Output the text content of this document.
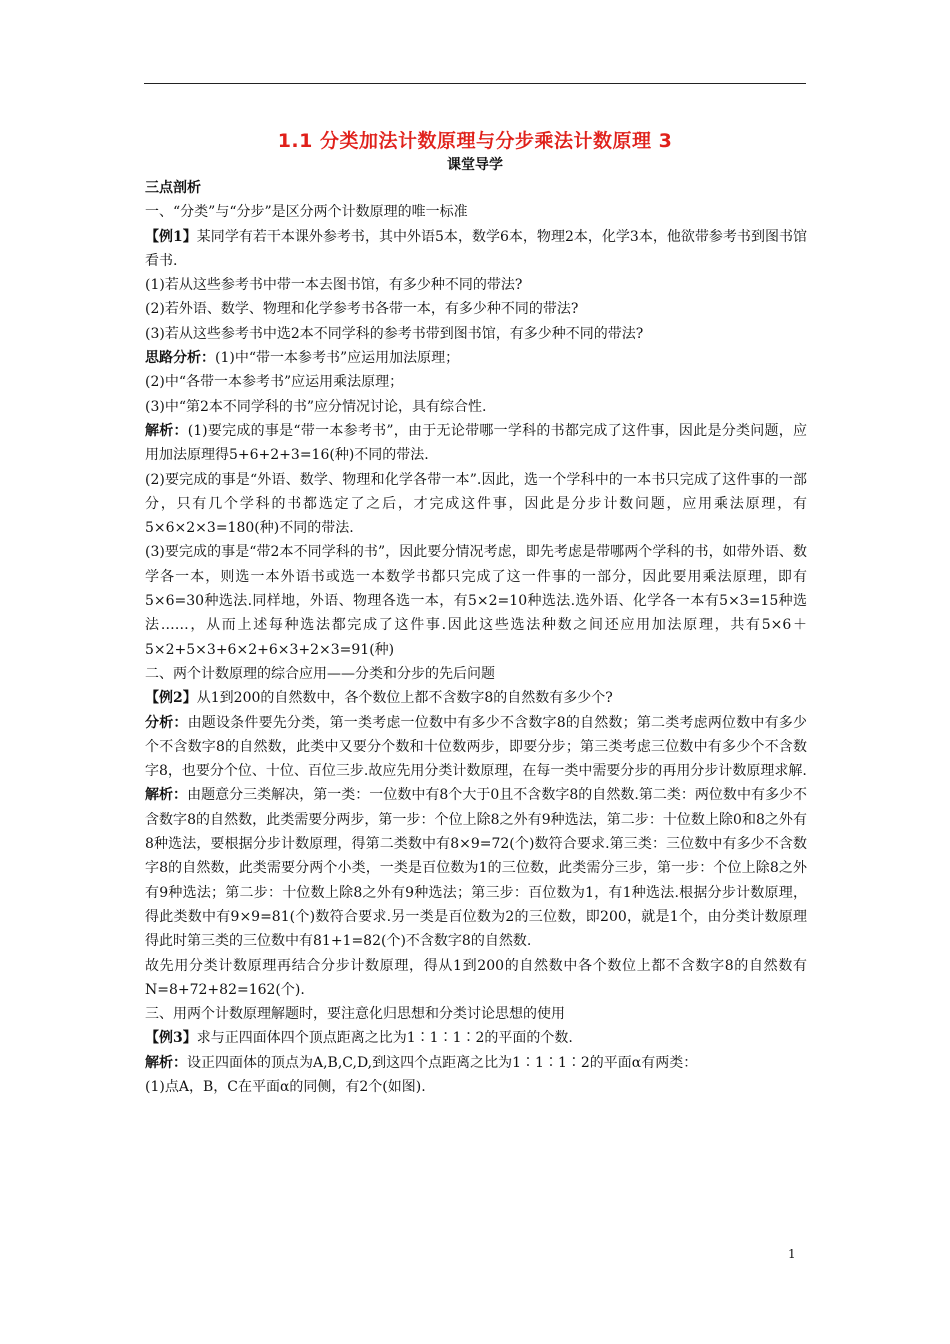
1.1 分类加法计数原理与分步乘法计数原理 3
课堂导学

三点剖析

一、“分类”与“分步”是区分两个计数原理的唯一标准

【例1】某同学有若干本课外参考书，其中外语5本，数学6本，物理2本，化学3本，他欲带参考书到图书馆看书.

(1)若从这些参考书中带一本去图书馆，有多少种不同的带法?

(2)若外语、数学、物理和化学参考书各带一本，有多少种不同的带法?

(3)若从这些参考书中选2本不同学科的参考书带到图书馆，有多少种不同的带法?

思路分析：(1)中“带一本参考书”应运用加法原理；

(2)中“各带一本参考书”应运用乘法原理；

(3)中“第2本不同学科的书”应分情况讨论，具有综合性.

解析：(1)要完成的事是“带一本参考书”，由于无论带哪一学科的书都完成了这件事，因此是分类问题，应用加法原理得5+6+2+3=16(种)不同的带法.

(2)要完成的事是“外语、数学、物理和化学各带一本”.因此，选一个学科中的一本书只完成了这件事的一部分，只有几个学科的书都选定了之后，才完成这件事，因此是分步计数问题，应用乘法原理，有5×6×2×3=180(种)不同的带法.

(3)要完成的事是“带2本不同学科的书”，因此要分情况考虑，即先考虑是带哪两个学科的书，如带外语、数学各一本，则选一本外语书或选一本数学书都只完成了这一件事的一部分，因此要用乘法原理，即有5×6=30种选法.同样地，外语、物理各选一本，有5×2=10种选法.选外语、化学各一本有5×3=15种选法……，从而上述每种选法都完成了这件事.因此这些选法种数之间还应用加法原理，共有5×6＋5×2+5×3+6×2+6×3+2×3=91(种)

二、两个计数原理的综合应用——分类和分步的先后问题

【例2】从1到200的自然数中，各个数位上都不含数字8的自然数有多少个?

分析：由题设条件要先分类，第一类考虑一位数中有多少不含数字8的自然数；第二类考虑两位数中有多少个不含数字8的自然数，此类中又要分个数和十位数两步，即要分步；第三类考虑三位数中有多少个不含数字8，也要分个位、十位、百位三步.故应先用分类计数原理，在每一类中需要分步的再用分步计数原理求解.

解析：由题意分三类解决，第一类：一位数中有8个大于0且不含数字8的自然数.第二类：两位数中有多少不含数字8的自然数，此类需要分两步，第一步：个位上除8之外有9种选法，第二步：十位数上除0和8之外有8种选法，要根据分步计数原理，得第二类数中有8×9=72(个)数符合要求.第三类：三位数中有多少不含数字8的自然数，此类需要分两个小类，一类是百位数为1的三位数，此类需分三步，第一步：个位上除8之外有9种选法；第二步：十位数上除8之外有9种选法；第三步：百位数为1，有1种选法.根据分步计数原理，得此类数中有9×9=81(个)数符合要求.另一类是百位数为2的三位数，即200，就是1个，由分类计数原理得此时第三类的三位数中有81+1=82(个)不含数字8的自然数.

故先用分类计数原理再结合分步计数原理，得从1到200的自然数中各个数位上都不含数字8的自然数有N=8+72+82=162(个).

三、用两个计数原理解题时，要注意化归思想和分类讨论思想的使用

【例3】求与正四面体四个顶点距离之比为1∶1∶1∶2的平面的个数.

解析：设正四面体的顶点为A,B,C,D,到这四个点距离之比为1∶1∶1∶2的平面α有两类：

(1)点A，B，C在平面α的同侧，有2个(如图).

1
